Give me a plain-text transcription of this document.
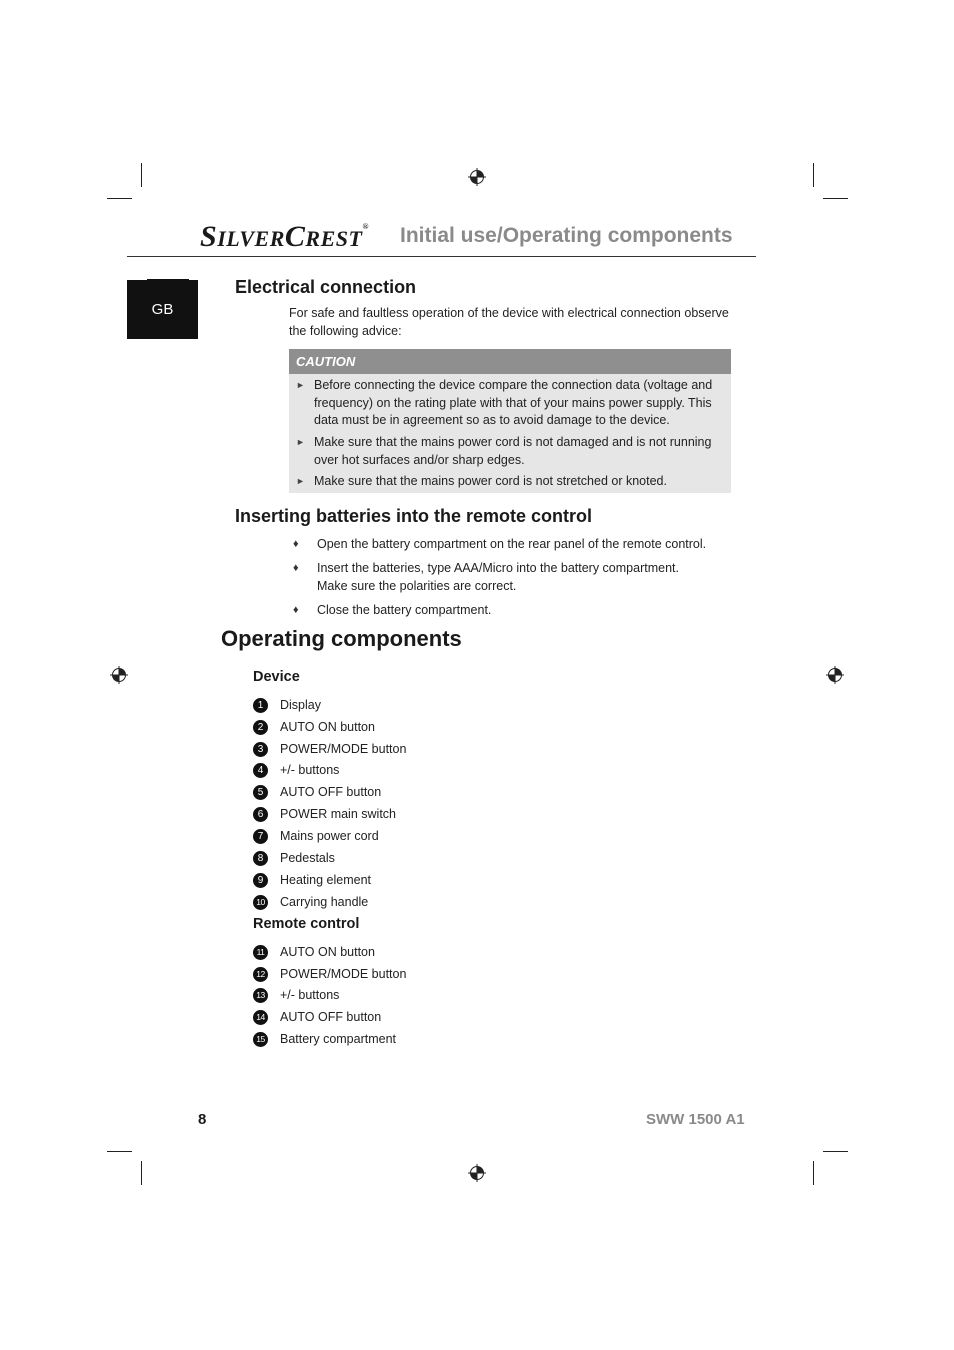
SILVERCREST® Initial use/Operating components
GB
Electrical connection
For safe and faultless operation of the device with electrical connection observe
the following advice:
CAUTION
► Before connecting the device compare the connection data (voltage and
frequency) on the rating plate with that of your mains power supply. This
data must be in agreement so as to avoid damage to the device.
► Make sure that the mains power cord is not damaged and is not running
over hot surfaces and/or sharp edges.
► Make sure that the mains power cord is not stretched or knoted.
Inserting batteries into the remote control
♦ Open the battery compartment on the rear panel of the remote control.
♦ Insert the batteries, type AAA/Micro into the battery compartment.
Make sure the polarities are correct.
♦ Close the battery compartment.
Operating components
Device
1	Display
2	AUTO ON button
3	POWER/MODE button
4	+/- buttons
5	AUTO OFF button
6	POWER main switch
7	Mains power cord
8	Pedestals
9	Heating element
10 Carrying handle
Remote control
11 AUTO ON button
12 POWER/MODE button
13 +/- buttons
14 AUTO OFF button
15 Battery compartment
8	SWW 1500 A1
